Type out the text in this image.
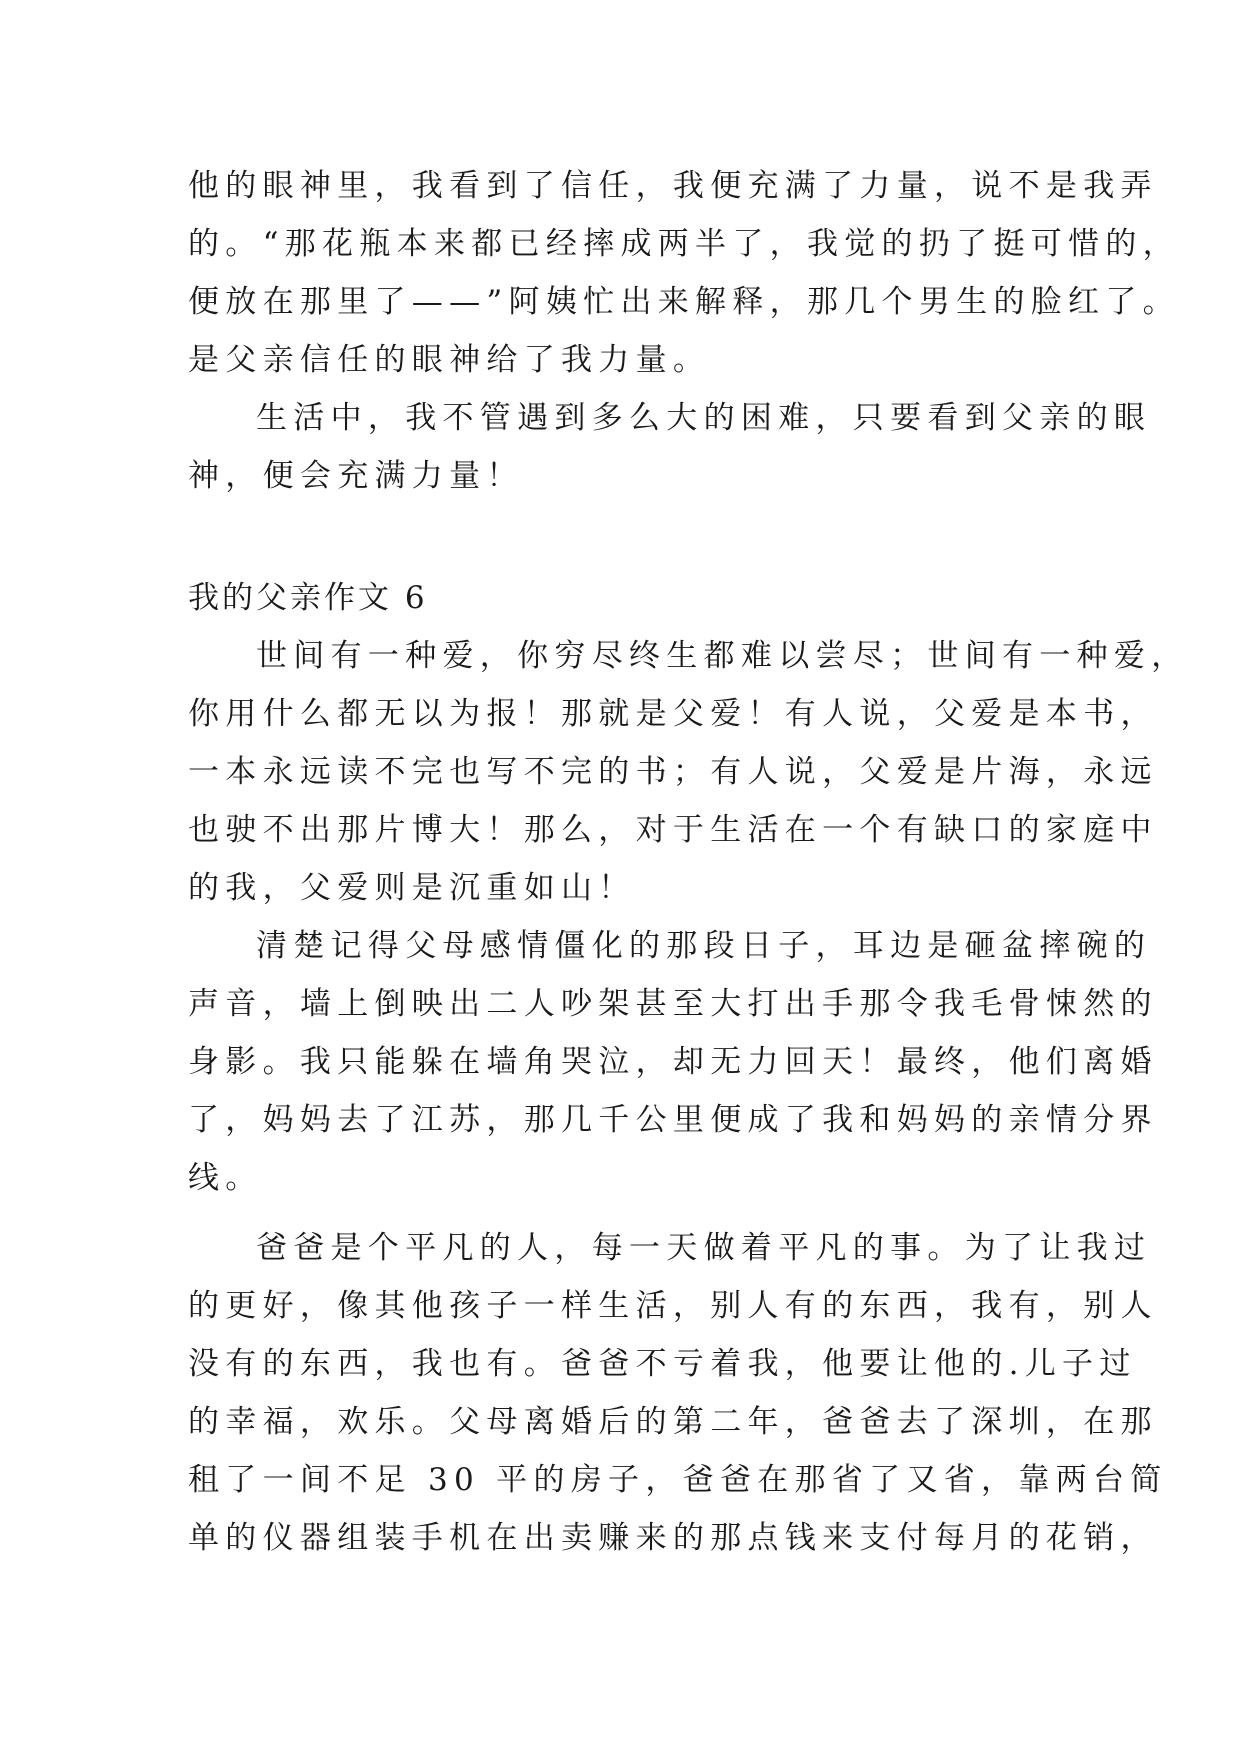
他的眼神里，我看到了信任，我便充满了力量，说不是我弄
的。“那花瓶本来都已经摔成两半了，我觉的扔了挺可惜的，
便放在那里了——”阿姨忙出来解释，那几个男生的脸红了。
是父亲信任的眼神给了我力量。
生活中，我不管遇到多么大的困难，只要看到父亲的眼
神，便会充满力量！
我的父亲作文 6
世间有一种爱，你穷尽终生都难以尝尽；世间有一种爱，
你用什么都无以为报！那就是父爱！有人说，父爱是本书，
一本永远读不完也写不完的书；有人说，父爱是片海，永远
也驶不出那片博大！那么，对于生活在一个有缺口的家庭中
的我，父爱则是沉重如山！
清楚记得父母感情僵化的那段日子，耳边是砸盆摔碗的
声音，墙上倒映出二人吵架甚至大打出手那令我毛骨悚然的
身影。我只能躲在墙角哭泣，却无力回天！最终，他们离婚
了，妈妈去了江苏，那几千公里便成了我和妈妈的亲情分界
线。
爸爸是个平凡的人，每一天做着平凡的事。为了让我过
的更好，像其他孩子一样生活，别人有的东西，我有，别人
没有的东西，我也有。爸爸不亏着我，他要让他的.儿子过
的幸福，欢乐。父母离婚后的第二年，爸爸去了深圳，在那
租了一间不足 30 平的房子，爸爸在那省了又省，靠两台简
单的仪器组装手机在出卖赚来的那点钱来支付每月的花销，
